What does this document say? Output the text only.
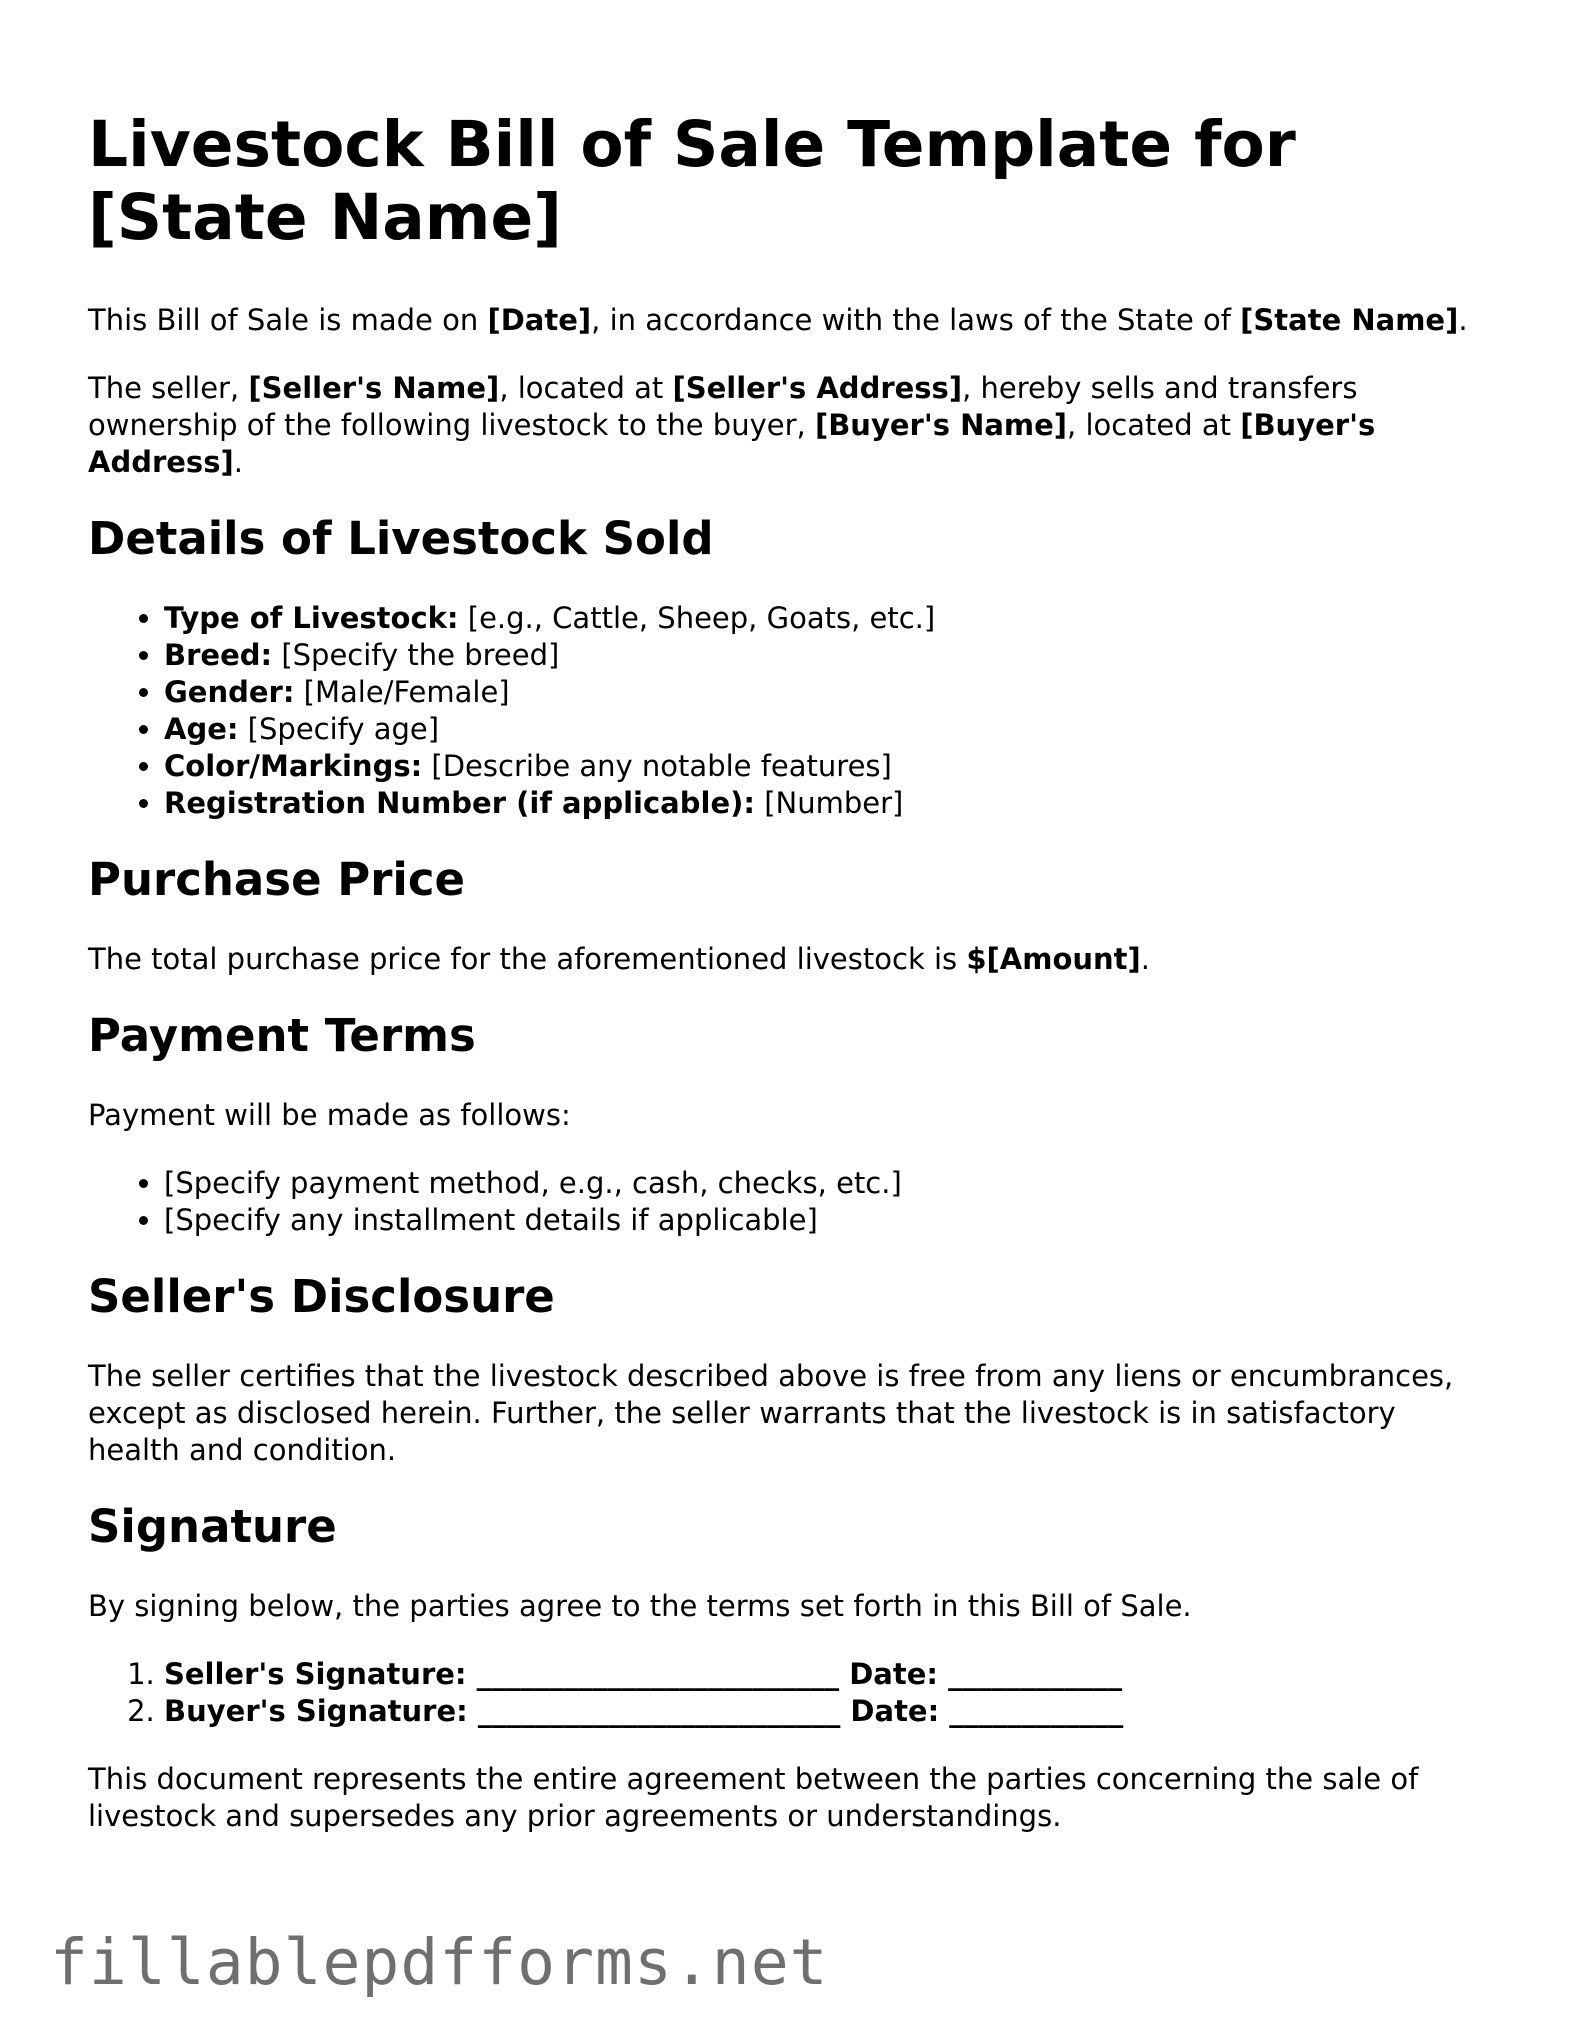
Livestock Bill of Sale Template for [State Name]

This Bill of Sale is made on [Date], in accordance with the laws of the State of [State Name].

The seller, [Seller's Name], located at [Seller's Address], hereby sells and transfers ownership of the following livestock to the buyer, [Buyer's Name], located at [Buyer's Address].

Details of Livestock Sold
• Type of Livestock: [e.g., Cattle, Sheep, Goats, etc.]
• Breed: [Specify the breed]
• Gender: [Male/Female]
• Age: [Specify age]
• Color/Markings: [Describe any notable features]
• Registration Number (if applicable): [Number]
Purchase Price

The total purchase price for the aforementioned livestock is $[Amount].

Payment Terms

Payment will be made as follows:

• [Specify payment method, e.g., cash, checks, etc.]
• [Specify any installment details if applicable]
Seller's Disclosure

The seller certifies that the livestock described above is free from any liens or encumbrances, except as disclosed herein. Further, the seller warrants that the livestock is in satisfactory health and condition.

Signature

By signing below, the parties agree to the terms set forth in this Bill of Sale.

1. Seller's Signature: _________________________ Date: ____________
2. Buyer's Signature: _________________________ Date: ____________

This document represents the entire agreement between the parties concerning the sale of livestock and supersedes any prior agreements or understandings.

fillablepdfforms.net
